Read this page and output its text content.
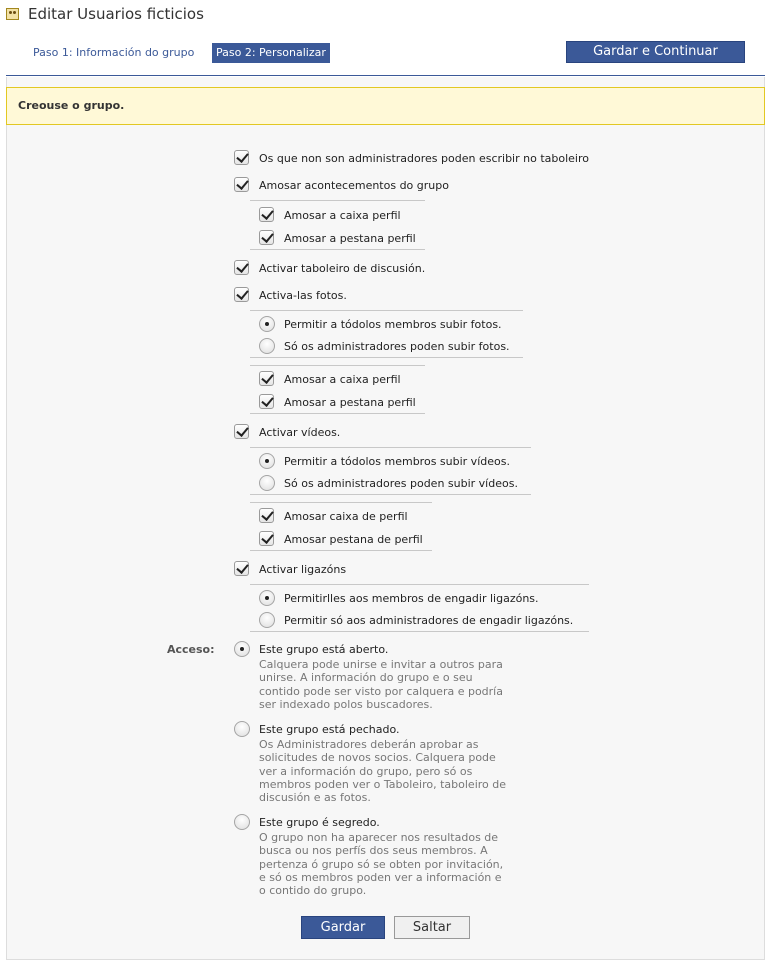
Editar Usuarios ficticios
Paso 1: Información do grupo	Paso 2: Personalizar	Gardar e Continuar
Creouse o grupo.
Os que non son administradores poden escribir no taboleiro
Amosar acontecementos do grupo
Amosar a caixa perfil
Amosar a pestana perfil
Activar taboleiro de discusión.
Activa-las fotos.
Permitir a tódolos membros subir fotos.
Só os administradores poden subir fotos.
Amosar a caixa perfil
Amosar a pestana perfil
Activar vídeos.
Permitir a tódolos membros subir vídeos.
Só os administradores poden subir vídeos.
Amosar caixa de perfil
Amosar pestana de perfil
Activar ligazóns
Permitirlles aos membros de engadir ligazóns.
Permitir só aos administradores de engadir ligazóns.
Acceso:	Este grupo está aberto.
Calquera pode unirse e invitar a outros para
unirse. A información do grupo e o seu
contido pode ser visto por calquera e podría
ser indexado polos buscadores.
Este grupo está pechado.
Os Administradores deberán aprobar as
solicitudes de novos socios. Calquera pode
ver a información do grupo, pero só os
membros poden ver o Taboleiro, taboleiro de
discusión e as fotos.
Este grupo é segredo.
O grupo non ha aparecer nos resultados de
busca ou nos perfís dos seus membros. A
pertenza ó grupo só se obten por invitación,
e só os membros poden ver a información e
o contido do grupo.
Gardar	Saltar
